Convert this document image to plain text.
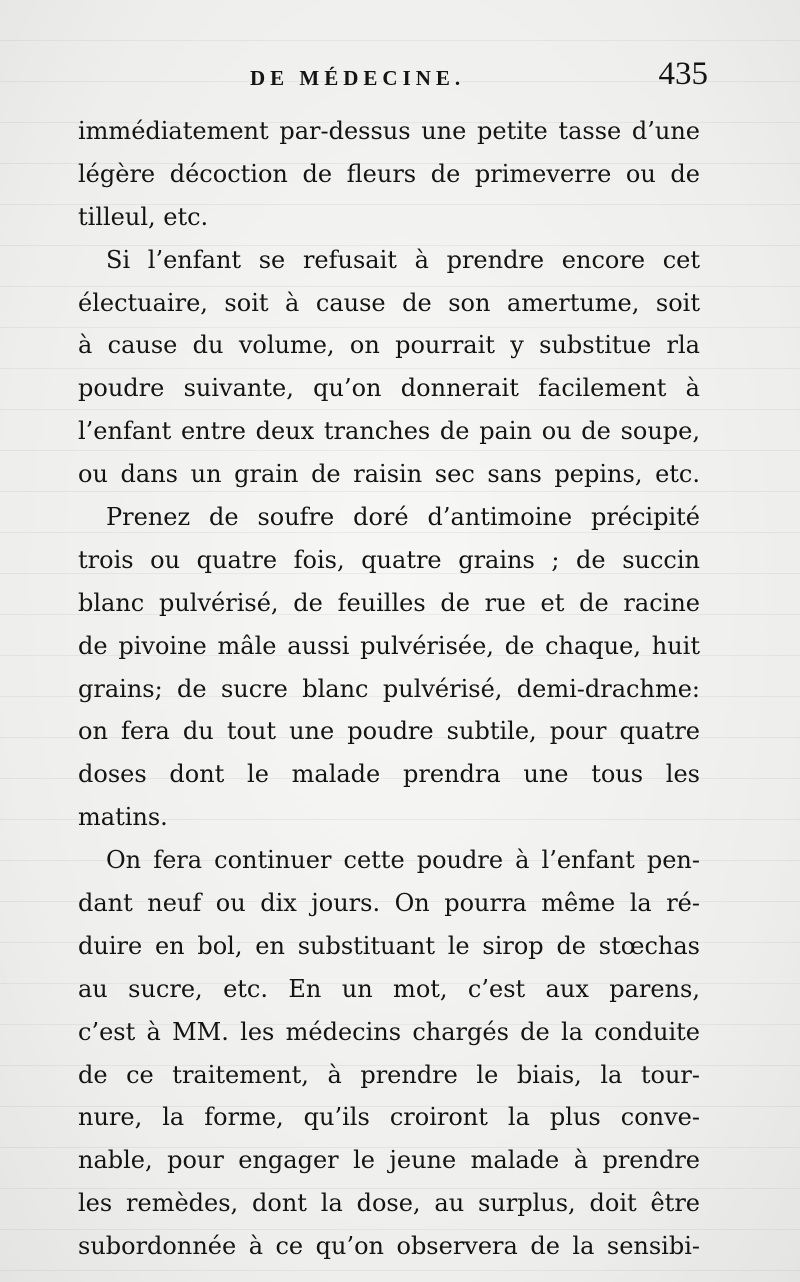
DE MÉDECINE.	435
immédiatement par-dessus une petite tasse d’une
légère décoction de fleurs de primeverre ou de
tilleul, etc.
Si l’enfant se refusait à prendre encore cet
électuaire, soit à cause de son amertume, soit
à cause du volume, on pourrait y substitue rla
poudre suivante, qu’on donnerait facilement à
l’enfant entre deux tranches de pain ou de soupe,
ou dans un grain de raisin sec sans pepins, etc.
Prenez de soufre doré d’antimoine précipité
trois ou quatre fois, quatre grains ; de succin
blanc pulvérisé, de feuilles de rue et de racine
de pivoine mâle aussi pulvérisée, de chaque, huit
grains; de sucre blanc pulvérisé, demi-drachme:
on fera du tout une poudre subtile, pour quatre
doses dont le malade prendra une tous les
matins.
On fera continuer cette poudre à l’enfant pen-
dant neuf ou dix jours. On pourra même la ré-
duire en bol, en substituant le sirop de stœchas
au sucre, etc. En un mot, c’est aux parens,
c’est à MM. les médecins chargés de la conduite
de ce traitement, à prendre le biais, la tour-
nure, la forme, qu’ils croiront la plus conve-
nable, pour engager le jeune malade à prendre
les remèdes, dont la dose, au surplus, doit être
subordonnée à ce qu’on observera de la sensibi-
